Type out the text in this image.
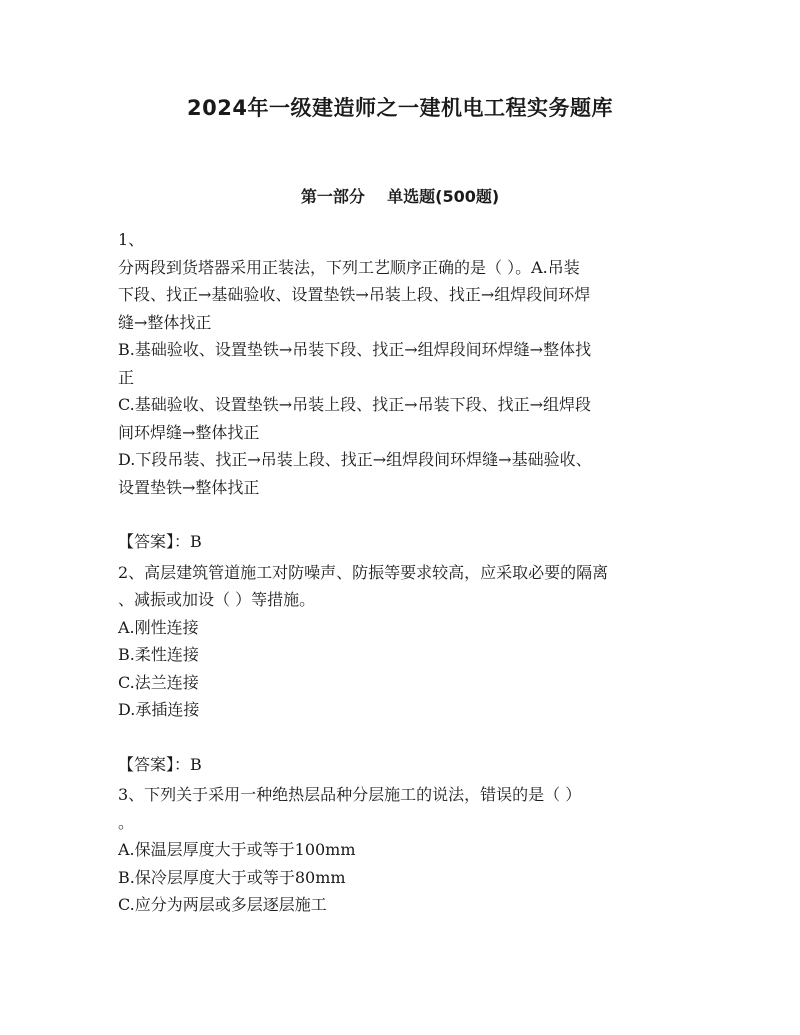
2024年一级建造师之一建机电工程实务题库
第一部分    单选题(500题)
1、
分两段到货塔器采用正装法，下列工艺顺序正确的是（ ）。A.吊装
下段、找正→基础验收、设置垫铁→吊装上段、找正→组焊段间环焊
缝→整体找正
B.基础验收、设置垫铁→吊装下段、找正→组焊段间环焊缝→整体找
正
C.基础验收、设置垫铁→吊装上段、找正→吊装下段、找正→组焊段
间环焊缝→整体找正
D.下段吊装、找正→吊装上段、找正→组焊段间环焊缝→基础验收、
设置垫铁→整体找正
【答案】：B
2、高层建筑管道施工对防噪声、防振等要求较高，应采取必要的隔离
、减振或加设（ ）等措施。
A.刚性连接
B.柔性连接
C.法兰连接
D.承插连接
【答案】：B
3、下列关于采用一种绝热层品种分层施工的说法，错误的是（ ）
。
A.保温层厚度大于或等于100mm
B.保冷层厚度大于或等于80mm
C.应分为两层或多层逐层施工
